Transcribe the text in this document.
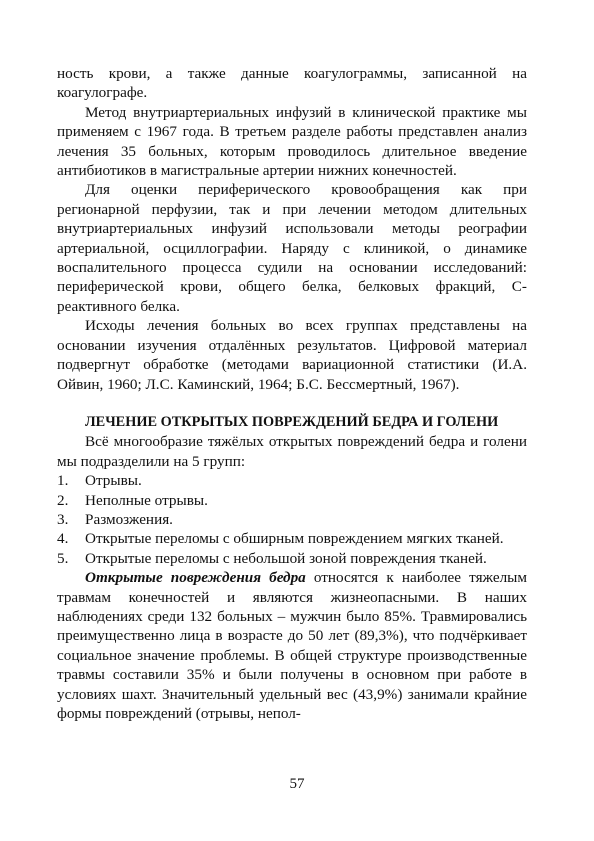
ность крови, а также данные коагулограммы, записанной на коагулографе.

Метод внутриартериальных инфузий в клинической практике мы применяем с 1967 года. В третьем разделе работы представлен анализ лечения 35 больных, которым проводилось длительное введение антибиотиков в магистральные артерии нижних конечностей.

Для оценки периферического кровообращения как при регионарной перфузии, так и при лечении методом длительных внутриартериальных инфузий использовали методы реографии артериальной, осциллографии. Наряду с клиникой, о динамике воспалительного процесса судили на основании исследований: периферической крови, общего белка, белковых фракций, С-реактивного белка.

Исходы лечения больных во всех группах представлены на основании изучения отдалённых результатов. Цифровой материал подвергнут обработке (методами вариационной статистики (И.А. Ойвин, 1960; Л.С. Каминский, 1964; Б.С. Бессмертный, 1967).

ЛЕЧЕНИЕ ОТКРЫТЫХ ПОВРЕЖДЕНИЙ БЕДРА И ГОЛЕНИ

Всё многообразие тяжёлых открытых повреждений бедра и голени мы подразделили на 5 групп:

1.	Отрывы.
2.	Неполные отрывы.
3.	Размозжения.
4.	Открытые переломы с обширным повреждением мягких тканей.
5.	Открытые переломы с небольшой зоной повреждения тканей.

Открытые повреждения бедра относятся к наиболее тяжелым травмам конечностей и являются жизнеопасными. В наших наблюдениях среди 132 больных – мужчин было 85%. Травмировались преимущественно лица в возрасте до 50 лет (89,3%), что подчёркивает социальное значение проблемы. В общей структуре производственные травмы составили 35% и были получены в основном при работе в условиях шахт. Значительный удельный вес (43,9%) занимали крайние формы повреждений (отрывы, непол-

57
